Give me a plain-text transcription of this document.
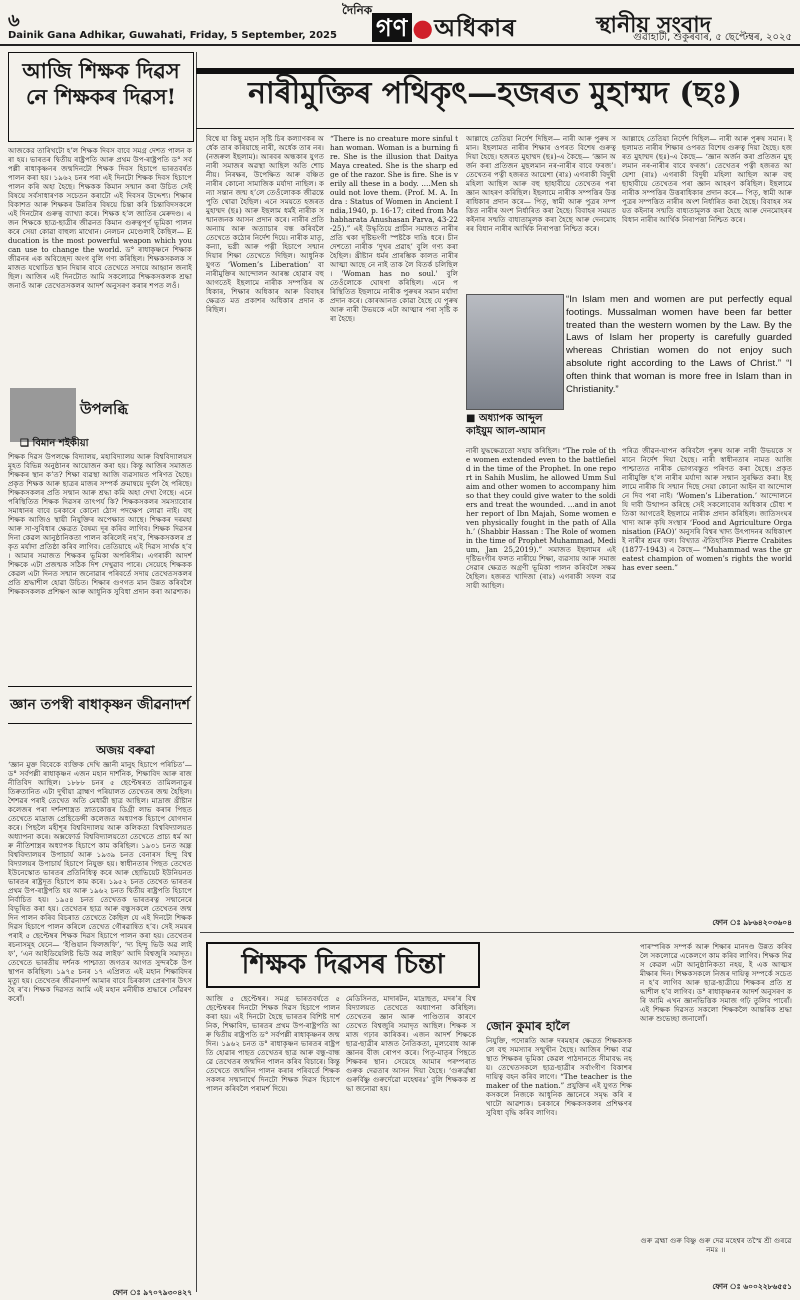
৬	দৈনিক
গণ ●অধিকাৰ	স্থানীয় সংবাদ
Dainik Gana Adhikar, Guwahati, Friday, 5 September, 2025	গুৱাহাটী, শুকুৰবাৰ, ৫ ছেপ্টেম্বৰ, ২০২৫
আজি শিক্ষক দিৱস নে শিক্ষকৰ দিৱস!
আজকের তাৰিখটো হ’ল শিক্ষক দিবস বাবে সমগ্ৰ দেশত পালন কৰা হয়। ভাৰতৰ দ্বিতীয় ৰাষ্ট্ৰপতি আৰু প্ৰথম উপ-ৰাষ্ট্ৰপতি ড° সৰ্বপল্লী ৰাধাকৃষ্ণনৰ জন্মদিনটো শিক্ষক দিবস হিচাপে ভাৰতবৰ্ষত পালন কৰা হয়। ১৯৬২ চনৰ পৰা এই দিনটো শিক্ষক দিবস হিচাপে পালন কৰি অহা হৈছে। শিক্ষকক কিমান সন্মান কৰা উচিত সেই বিষয়ে সৰ্বসাধাৰণক সচেতন কৰাটো এই দিবসৰ উদ্দেশ্য। শিক্ষাৰ বিকাশত আৰু শিক্ষকৰ উন্নতিৰ বিষয়ে চিন্তা কৰি চিন্তাবিদসকলে এই দিনটোৰ গুৰুত্ব ব্যাখ্যা কৰে। শিক্ষক হ’ল জাতিৰ মেৰুদণ্ড। এজন শিক্ষকে ছাত্ৰ-ছাত্ৰীৰ জীৱনত কিমান গুৰুত্বপূৰ্ণ ভূমিকা পালন কৰে সেয়া কোৱা বাহুল্য মাথোন। নেলচন মেণ্ডেলাই কৈছিল— Education is the most powerful weapon which you can use to change the world. ড° ৰাধাকৃষ্ণনে শিক্ষাক জীৱনৰ এক অবিচ্ছেদ্য অংগ বুলি গণ্য কৰিছিল। শিক্ষকসকলক সমাজত যথোচিত স্থান দিয়াৰ বাবে তেখেতে সদায়ে আহ্বান জনাইছিল। আজিৰ এই দিনটোত আমি সকলোৱে শিক্ষকসকলক শ্ৰদ্ধা জনাওঁ আৰু তেখেতসকলৰ আদৰ্শ অনুসৰণ কৰাৰ শপত লওঁ।
উপলব্ধি
❑ বিমান শইকীয়া
শিক্ষক দিৱস উপলক্ষে বিদ্যালয়, মহাবিদ্যালয় আৰু বিশ্ববিদ্যালয়সমূহত বিভিন্ন অনুষ্ঠানৰ আয়োজন কৰা হয়। কিন্তু আজিৰ সমাজত শিক্ষকৰ স্থান ক’ত? শিক্ষা ব্যৱস্থা আজি ব্যৱসায়ত পৰিণত হৈছে। প্ৰকৃত শিক্ষক আৰু ছাত্ৰৰ মাজৰ সম্পৰ্ক ক্ৰমান্বয়ে দুৰ্বল হৈ পৰিছে। শিক্ষকসকলৰ প্ৰতি সন্মান আৰু শ্ৰদ্ধা কমি অহা দেখা গৈছে। এনে পৰিস্থিতিত শিক্ষক দিৱসৰ তাৎপৰ্য কি? শিক্ষকসকলৰ সমস্যাবোৰ সমাধানৰ বাবে চৰকাৰে কোনো ঠোস পদক্ষেপ লোৱা নাই। বহু শিক্ষক আজিও স্থায়ী নিযুক্তিৰ অপেক্ষাত আছে। শিক্ষকৰ দৰমহা আৰু সা-সুবিধাৰ ক্ষেত্ৰত বৈষম্য দূৰ কৰিব লাগিব। শিক্ষক দিৱসৰ দিনা কেৱল আনুষ্ঠানিকতা পালন কৰিলেই নহ’ব, শিক্ষকসকলৰ প্ৰকৃত মৰ্যাদা প্ৰতিষ্ঠা কৰিব লাগিব। তেতিয়াহে এই দিৱস সাৰ্থক হ’ব। আমাৰ সমাজত শিক্ষকৰ ভূমিকা অপৰিসীম। এগৰাকী আদৰ্শ শিক্ষকে এটা প্ৰজন্মক সঠিক দিশ দেখুৱাব পাৰে। সেয়েহে শিক্ষকক কেৱল এটা দিনত সন্মান জনোৱাৰ পৰিবৰ্তে সদায় তেখেতসকলৰ প্ৰতি শ্ৰদ্ধাশীল হোৱা উচিত। শিক্ষাৰ গুণগত মান উন্নত কৰিবলৈ শিক্ষকসকলক প্ৰশিক্ষণ আৰু আধুনিক সুবিধা প্ৰদান কৰা আৱশ্যক।
জ্ঞান তপস্বী ৰাধাকৃষ্ণন জীৱনাদৰ্শ
অজয় বৰুৱা
‘জ্ঞান মুক্ত বিবেকে ব্যক্তিক দেখি জ্ঞানী মানুহ হিচাপে পৰিচিত’— ড° সৰ্বপল্লী ৰাধাকৃষ্ণন এজন মহান দাৰ্শনিক, শিক্ষাবিদ আৰু ৰাজনীতিবিদ আছিল। ১৮৮৮ চনৰ ৫ ছেপ্টেম্বৰত তামিলনাডুৰ তিৰুতানিত এটা দুখীয়া ব্ৰাহ্মণ পৰিয়ালত তেখেতৰ জন্ম হৈছিল। শৈশৱৰ পৰাই তেখেত অতি মেধাৱী ছাত্ৰ আছিল। মাদ্ৰাজ খ্ৰীষ্টান কলেজৰ পৰা দৰ্শনশাস্ত্ৰত স্নাতকোত্তৰ ডিগ্ৰী লাভ কৰাৰ পিছত তেখেতে মাদ্ৰাজ প্ৰেছিডেন্সী কলেজত অধ্যাপক হিচাপে যোগদান কৰে। পিছলৈ মহীশূৰ বিশ্ববিদ্যালয় আৰু কলিকতা বিশ্ববিদ্যালয়ত অধ্যাপনা কৰে। অক্সফোৰ্ড বিশ্ববিদ্যালয়তো তেখেতে প্ৰাচ্য ধৰ্ম আৰু নীতিশাস্ত্ৰৰ অধ্যাপক হিচাপে কাম কৰিছিল। ১৯৩১ চনত অন্ধ্ৰ বিশ্ববিদ্যালয়ৰ উপাচাৰ্য আৰু ১৯৩৯ চনত বেনাৰস হিন্দু বিশ্ববিদ্যালয়ৰ উপাচাৰ্য হিচাপে নিযুক্ত হয়। স্বাধীনতাৰ পিছত তেখেত ইউনেস্কোত ভাৰতৰ প্ৰতিনিধিত্ব কৰে আৰু ছোভিয়েট ইউনিয়নত ভাৰতৰ ৰাষ্ট্ৰদূত হিচাপে কাম কৰে। ১৯৫২ চনত তেখেত ভাৰতৰ প্ৰথম উপ-ৰাষ্ট্ৰপতি হয় আৰু ১৯৬২ চনত দ্বিতীয় ৰাষ্ট্ৰপতি হিচাপে নিৰ্বাচিত হয়। ১৯৫৪ চনত তেখেতক ভাৰতৰত্ন সন্মানেৰে বিভূষিত কৰা হয়। তেখেতৰ ছাত্ৰ আৰু বন্ধুসকলে তেখেতৰ জন্মদিন পালন কৰিব বিচৰাত তেখেতে কৈছিল যে এই দিনটো শিক্ষক দিৱস হিচাপে পালন কৰিলে তেখেত গৌৰৱান্বিত হ’ব। সেই সময়ৰ পৰাই ৫ ছেপ্টেম্বৰ শিক্ষক দিৱস হিচাপে পালন কৰা হয়। তেখেতৰ ৰচনাসমূহ যেনে— ‘ইণ্ডিয়ান ফিলজফি’, ‘দ্য হিন্দু ভিউ অৱ লাইফ’, ‘এন আইডিয়েলিষ্ট ভিউ অৱ লাইফ’ আদি বিশ্বজুৰি সমাদৃত। তেখেতে ভাৰতীয় দৰ্শনক পাশ্চাত্য জগতৰ আগত সুন্দৰকৈ উপস্থাপন কৰিছিল। ১৯৭৫ চনৰ ১৭ এপ্ৰিলত এই মহান শিক্ষাবিদৰ মৃত্যু হয়। তেখেতৰ জীৱনাদৰ্শ আমাৰ বাবে চিৰকাল প্ৰেৰণাৰ উৎস হৈ ৰ’ব। শিক্ষক দিৱসত আমি এই মহান মনীষীক শ্ৰদ্ধাৰে সোঁৱৰণ কৰোঁ।
ফোন ঃ ৯৭০৭৯৩০৪২৭
নাৰীমুক্তিৰ পথিকৃৎ—হজৰত মুহাম্মদ (ছঃ)
বিশ্বে যা কিছু মহান সৃষ্টি চিৰ কল্যাণকৰ অৰ্ধেক তাৰ কৰিয়াছে নাৰী, অৰ্ধেক তাৰ নৰ। (নজৰুল ইছলাম)। আৰবৰ অন্ধকাৰ যুগত নাৰী সমাজৰ অৱস্থা আছিল অতি শোচনীয়। নিৰক্ষৰ, উপেক্ষিত আৰু বঞ্চিত নাৰীৰ কোনো সামাজিক মৰ্যাদা নাছিল। কন্যা সন্তান জন্ম হ’লে তেওঁলোকক জীৱন্তে পুতি থোৱা হৈছিল। এনে সময়তে হজৰত মুহাম্মদ (ছঃ) আৰু ইছলাম ধৰ্মই নাৰীক সন্মানজনক আসন প্ৰদান কৰে। নাৰীৰ প্ৰতি অন্যায় আৰু অত্যাচাৰ বন্ধ কৰিবলৈ তেখেতে কঠোৰ নিৰ্দেশ দিয়ে। নাৰীক মাতৃ, কন্যা, ভগ্নী আৰু পত্নী হিচাপে সন্মান দিয়াৰ শিক্ষা তেখেতে দিছিল। আধুনিক যুগত ‘Women’s Liberation’ বা নাৰীমুক্তিৰ আন্দোলন আৰম্ভ হোৱাৰ বহু আগতেই ইছলামে নাৰীক সম্পত্তিৰ অধিকাৰ, শিক্ষাৰ অধিকাৰ আৰু বিবাহৰ ক্ষেত্ৰত মত প্ৰকাশৰ অধিকাৰ প্ৰদান কৰিছিল।
“There is no creature more sinful than woman. Woman is a burning fire. She is the illusion that Daitya Maya created. She is the sharp edge of the razor. She is fire. She is verily all these in a body. ….Men should not love them. (Prof. M. A. Indra : Status of Women in Ancient India,1940, p. 16-17; cited from Mahabharata Anushasan Parva, 43-22-25).” এই উদ্ধৃতিয়ে প্ৰাচীন সমাজত নাৰীৰ প্ৰতি থকা দৃষ্টিভংগী স্পষ্টকৈ দাঙি ধৰে। চীন দেশতো নাৰীক ‘দুখৰ প্ৰৱাহ’ বুলি গণ্য কৰা হৈছিল। খ্ৰীষ্টান ধৰ্মৰ প্ৰাৰম্ভিক কালত নাৰীৰ আত্মা আছে নে নাই তাক লৈ বিতৰ্ক চলিছিল। 'Woman has no soul.' বুলি তেওঁলোকে ঘোষণা কৰিছিল। এনে পৰিস্থিতিত ইছলামে নাৰীক পুৰুষৰ সমান মৰ্যাদা প্ৰদান কৰে। কোৰআনত কোৱা হৈছে যে পুৰুষ আৰু নাৰী উভয়কে এটা আত্মাৰ পৰা সৃষ্টি কৰা হৈছে।
আল্লাহে তেতিয়া নিৰ্দেশ দিছিল— নাৰী আৰু পুৰুষ সমান। ইছলামত নাৰীৰ শিক্ষাৰ ওপৰত বিশেষ গুৰুত্ব দিয়া হৈছে। হজৰত মুহাম্মদ (ছঃ)-এ কৈছে— ‘জ্ঞান অৰ্জন কৰা প্ৰতিজন মুছলমান নৰ-নাৰীৰ বাবে ফৰজ’। তেখেতৰ পত্নী হজৰত আয়েশা (ৰাঃ) এগৰাকী বিদুষী মহিলা আছিল আৰু বহু ছাহাবীয়ে তেখেতৰ পৰা জ্ঞান আহৰণ কৰিছিল। ইছলামে নাৰীক সম্পত্তিৰ উত্তৰাধিকাৰ প্ৰদান কৰে— পিতৃ, স্বামী আৰু পুত্ৰৰ সম্পত্তিত নাৰীৰ অংশ নিৰ্ধাৰিত কৰা হৈছে। বিবাহৰ সময়ত কইনাৰ সন্মতি বাধ্যতামূলক কৰা হৈছে আৰু দেনমোহৰৰ বিধান নাৰীৰ আৰ্থিক নিৰাপত্তা নিশ্চিত কৰে।
আল্লাহে তেতিয়া নিৰ্দেশ দিছিল— নাৰী আৰু পুৰুষ সমান। ইছলামত নাৰীৰ শিক্ষাৰ ওপৰত বিশেষ গুৰুত্ব দিয়া হৈছে। হজৰত মুহাম্মদ (ছঃ)-এ কৈছে— ‘জ্ঞান অৰ্জন কৰা প্ৰতিজন মুছলমান নৰ-নাৰীৰ বাবে ফৰজ’। তেখেতৰ পত্নী হজৰত আয়েশা (ৰাঃ) এগৰাকী বিদুষী মহিলা আছিল আৰু বহু ছাহাবীয়ে তেখেতৰ পৰা জ্ঞান আহৰণ কৰিছিল। ইছলামে নাৰীক সম্পত্তিৰ উত্তৰাধিকাৰ প্ৰদান কৰে— পিতৃ, স্বামী আৰু পুত্ৰৰ সম্পত্তিত নাৰীৰ অংশ নিৰ্ধাৰিত কৰা হৈছে। বিবাহৰ সময়ত কইনাৰ সন্মতি বাধ্যতামূলক কৰা হৈছে আৰু দেনমোহৰৰ বিধান নাৰীৰ আৰ্থিক নিৰাপত্তা নিশ্চিত কৰে।
■ অধ্যাপক আব্দুল কাইয়ুম আল-আমান
“In Islam men and women are put perfectly equal footings. Mussalman women have been far better treated than the western women by the Law. By the Laws of Islam her property is carefully guarded whereas Christian women do not enjoy such absolute right according to the Laws of Christ.” “I often think that woman is more free in Islam than in Christianity.”
নাৰী যুদ্ধক্ষেত্ৰতো সহায় কৰিছিল। “The role of the women extended even to the battlefield in the time of the Prophet. In one report in Sahih Muslim, he allowed Umm Sulaim and other women to accompany him so that they could give water to the soldiers and treat the wounded. ...and in another report of Ibn Majah, Some women even physically fought in the path of Allah.’ (Shabbir Hassan : The Role of women in the time of Prophet Muhammad, Medium, Jan 25,2019).” সমাজত ইছলামৰ এই দৃষ্টিভংগীৰ ফলত নাৰীয়ে শিক্ষা, ব্যৱসায় আৰু সমাজসেৱাৰ ক্ষেত্ৰত অগ্ৰণী ভূমিকা পালন কৰিবলৈ সক্ষম হৈছিল। হজৰত খাদিজা (ৰাঃ) এগৰাকী সফল ব্যৱসায়ী আছিল।
পৰিত্ৰ জীৱন-যাপন কৰিবলৈ পুৰুষ আৰু নাৰী উভয়কে সমানে নিৰ্দেশ দিয়া হৈছে। নাৰী স্বাধীনতাৰ নামত আজি পাশ্চাত্যত নাৰীক ভোগ্যবস্তুত পৰিণত কৰা হৈছে। প্ৰকৃত নাৰীমুক্তি হ’ল নাৰীৰ মৰ্যাদা আৰু সন্মান সুৰক্ষিত কৰা। ইছলামে নাৰীক যি সন্মান দিছে সেয়া কোনো আইন বা আন্দোলনে দিব পৰা নাই। ‘Women’s Liberation.’ আন্দোলনে যি দাবী উত্থাপন কৰিছে সেই সকলোবোৰ অধিকাৰ চৌধ্য শতিকা আগতেই ইছলামে নাৰীক প্ৰদান কৰিছিল। জাতিসংঘৰ খাদ্য আৰু কৃষি সংস্থাৰ ‘Food and Agriculture Organisation (FAO)’ অনুসৰি বিশ্বৰ খাদ্য উৎপাদনৰ অধিকাংশই নাৰীৰ শ্ৰমৰ ফল। বিখ্যাত ঐতিহাসিক Pierre Crabites (1877-1943) এ কৈছে— “Muhammad was the greatest champion of women’s rights the world has ever seen.”
ফোন ঃ ৯৮৬৪২০৩৬০৪
শিক্ষক দিৱসৰ চিন্তা
আজি ৫ ছেপ্টেম্বৰ। সমগ্ৰ ভাৰতবৰ্ষতে ৫ ছেপ্টেম্বৰৰ দিনটো শিক্ষক দিৱস হিচাপে পালন কৰা হয়। এই দিনটো হৈছে ভাৰতৰ বিশিষ্ট দাৰ্শনিক, শিক্ষাবিদ, ভাৰতৰ প্ৰথম উপ-ৰাষ্ট্ৰপতি আৰু দ্বিতীয় ৰাষ্ট্ৰপতি ড° সৰ্বপল্লী ৰাধাকৃষ্ণনৰ জন্মদিন। ১৯৬২ চনত ড° ৰাধাকৃষ্ণন ভাৰতৰ ৰাষ্ট্ৰপতি হোৱাৰ পাছত তেখেতৰ ছাত্ৰ আৰু বন্ধু-বান্ধৱে তেখেতৰ জন্মদিন পালন কৰিব বিচাৰে। কিন্তু তেখেতে জন্মদিন পালন কৰাৰ পৰিবৰ্তে শিক্ষকসকলৰ সন্মানাৰ্থে দিনটো শিক্ষক দিৱস হিচাপে পালন কৰিবলৈ পৰামৰ্শ দিয়ে।
মেডিসিনত, মাদাৰটন, মাদ্ৰাছত, মদৰ’ৰ বিশ্ববিদ্যালয়ত তেখেতে অধ্যাপনা কৰিছিল। তেখেতৰ জ্ঞান আৰু পাণ্ডিত্যৰ কাৰণে তেখেত বিশ্বজুৰি সমাদৃত আছিল। শিক্ষক সমাজ গঢ়াৰ কাৰিকৰ। এজন আদৰ্শ শিক্ষকে ছাত্ৰ-ছাত্ৰীৰ মাজত নৈতিকতা, মূল্যবোধ আৰু জ্ঞানৰ বীজ ৰোপণ কৰে। পিতৃ-মাতৃৰ পিছতে শিক্ষকৰ স্থান। সেয়েহে আমাৰ পৰম্পৰাত গুৰুক দেৱতাৰ আসন দিয়া হৈছে। ‘গুৰুৰ্ব্ৰহ্মা গুৰুৰ্বিষ্ণু গুৰুৰ্দেৱো মহেশ্বৰঃ’ বুলি শিক্ষকক শ্ৰদ্ধা জনোৱা হয়।
জোন কুমাৰ হালৈ
নিযুক্তি, পদোন্নতি আৰু দৰমহাৰ ক্ষেত্ৰত শিক্ষকসকলে বহু সমস্যাৰ সন্মুখীন হৈছে। আজিৰ শিক্ষা ব্যৱস্থাত শিক্ষকৰ ভূমিকা কেৱল পাঠদানতে সীমাবদ্ধ নহয়। তেখেতসকলে ছাত্ৰ-ছাত্ৰীৰ সৰ্বাংগীণ বিকাশৰ দায়িত্ব বহন কৰিব লাগে। “The teacher is the maker of the nation.” প্ৰযুক্তিৰ এই যুগত শিক্ষকসকলে নিজকে আধুনিক জ্ঞানেৰে সমৃদ্ধ কৰি ৰখাটো আৱশ্যক। চৰকাৰে শিক্ষকসকলৰ প্ৰশিক্ষণৰ সুবিধা বৃদ্ধি কৰিব লাগিব।
পাৰস্পৰিক সম্পৰ্ক আৰু শিক্ষাৰ মানদণ্ড উন্নত কৰিবলৈ সকলোৱে একেলগে কাম কৰিব লাগিব। শিক্ষক দিৱস কেৱল এটা আনুষ্ঠানিকতা নহয়, ই এক আত্মসমীক্ষাৰ দিন। শিক্ষকসকলে নিজৰ দায়িত্ব সম্পৰ্কে সচেতন হ’ব লাগিব আৰু ছাত্ৰ-ছাত্ৰীয়ে শিক্ষকৰ প্ৰতি শ্ৰদ্ধাশীল হ’ব লাগিব। ড° ৰাধাকৃষ্ণনৰ আদৰ্শ অনুসৰণ কৰি আমি এখন জ্ঞানভিত্তিক সমাজ গঢ়ি তুলিব পাৰোঁ। এই শিক্ষক দিৱসত সকলো শিক্ষকলৈ আন্তৰিক শ্ৰদ্ধা আৰু শুভেচ্ছা জনালোঁ।
গুৰু ব্ৰহ্মা গুৰু বিষ্ণু গুৰু দেৱ মহেশ্বৰ তস্মৈ শ্ৰী গুৰৱে নমঃ ।।
ফোন ঃ ৬০০২২৮৬৫৫১
